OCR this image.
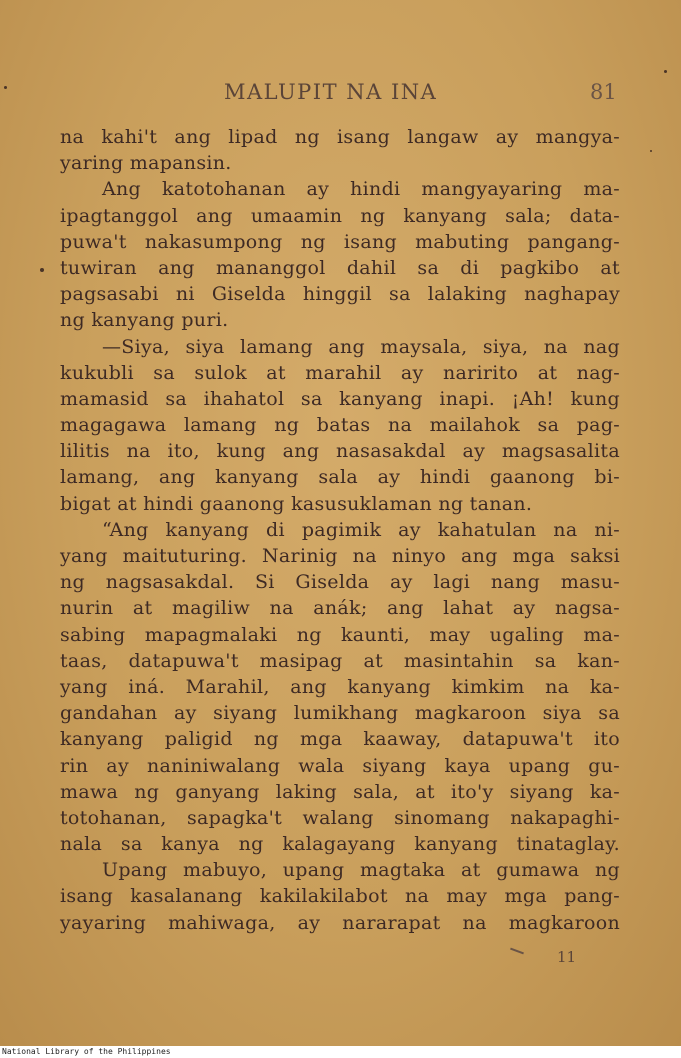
MALUPIT NA INA	81
na kahi't ang lipad ng isang langaw ay mangya-
yaring mapansin.
Ang katotohanan ay hindi mangyayaring ma-
ipagtanggol ang umaamin ng kanyang sala; data-
puwa't nakasumpong ng isang mabuting pangang-
tuwiran ang mananggol dahil sa di pagkibo at
pagsasabi ni Giselda hinggil sa lalaking naghapay
ng kanyang puri.
—Siya, siya lamang ang maysala, siya, na nag
kukubli sa sulok at marahil ay naririto at nag-
mamasid sa ihahatol sa kanyang inapi. ¡Ah! kung
magagawa lamang ng batas na mailahok sa pag-
lilitis na ito, kung ang nasasakdal ay magsasalita
lamang, ang kanyang sala ay hindi gaanong bi-
bigat at hindi gaanong kasusuklaman ng tanan.
“Ang kanyang di pagimik ay kahatulan na ni-
yang maituturing. Narinig na ninyo ang mga saksi
ng nagsasakdal. Si Giselda ay lagi nang masu-
nurin at magiliw na anák; ang lahat ay nagsa-
sabing mapagmalaki ng kaunti, may ugaling ma-
taas, datapuwa't masipag at masintahin sa kan-
yang iná. Marahil, ang kanyang kimkim na ka-
gandahan ay siyang lumikhang magkaroon siya sa
kanyang paligid ng mga kaaway, datapuwa't ito
rin ay naniniwalang wala siyang kaya upang gu-
mawa ng ganyang laking sala, at ito'y siyang ka-
totohanan, sapagka't walang sinomang nakapaghi-
nala sa kanya ng kalagayang kanyang tinataglay.
Upang mabuyo, upang magtaka at gumawa ng
isang kasalanang kakilakilabot na may mga pang-
yayaring mahiwaga, ay nararapat na magkaroon
11
National Library of the Philippines
